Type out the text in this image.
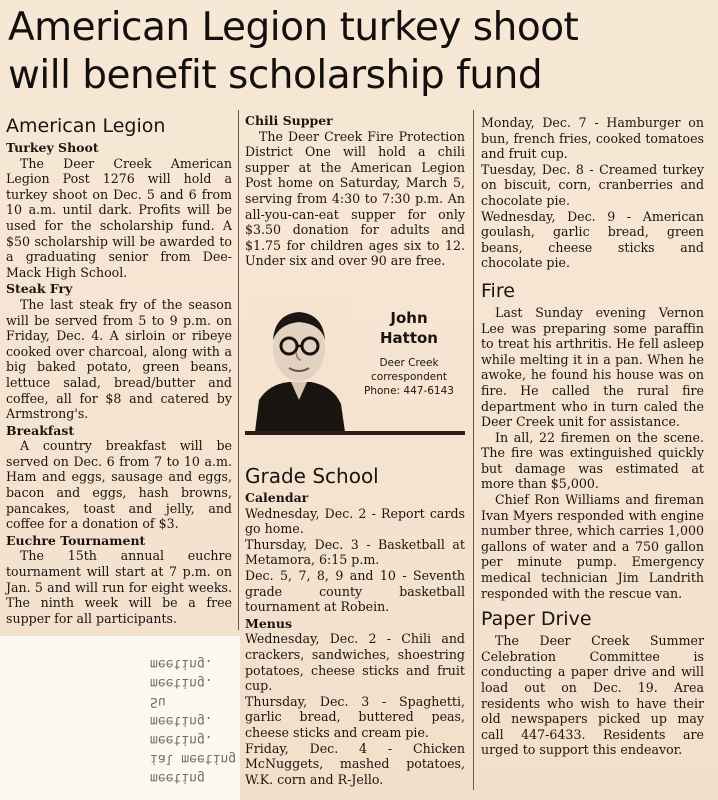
meeting
ial meeting
meeting.
meeting.
Su
meeting.
meeting.
American Legion turkey shoot
will benefit scholarship fund
American Legion
Turkey Shoot

The Deer Creek American Legion Post 1276 will hold a turkey shoot on Dec. 5 and 6 from 10 a.m. until dark. Profits will be used for the scholarship fund. A $50 scholarship will be awarded to a graduating senior from Dee-Mack High School.

Steak Fry

The last steak fry of the season will be served from 5 to 9 p.m. on Friday, Dec. 4. A sirloin or ribeye cooked over charcoal, along with a big baked potato, green beans, lettuce salad, bread/butter and coffee, all for $8 and catered by Armstrong's.

Breakfast

A country breakfast will be served on Dec. 6 from 7 to 10 a.m. Ham and eggs, sausage and eggs, bacon and eggs, hash browns, pancakes, toast and jelly, and coffee for a donation of $3.

Euchre Tournament

The 15th annual euchre tournament will start at 7 p.m. on Jan. 5 and will run for eight weeks. The ninth week will be a free supper for all participants.

Chili Supper

The Deer Creek Fire Protection District One will hold a chili supper at the American Legion Post home on Saturday, March 5, serving from 4:30 to 7:30 p.m. An all-you-can-eat supper for only $3.50 donation for adults and $1.75 for children ages six to 12. Under six and over 90 are free.

John
Hatton
Deer Creek
correspondent
Phone: 447-6143
Grade School
Calendar
Wednesday, Dec. 2 - Report cards go home.
Thursday, Dec. 3 - Basketball at Metamora, 6:15 p.m.
Dec. 5, 7, 8, 9 and 10 - Seventh grade county basketball tournament at Robein.
Menus
Wednesday, Dec. 2 - Chili and crackers, sandwiches, shoestring potatoes, cheese sticks and fruit cup.
Thursday, Dec. 3 - Spaghetti, garlic bread, buttered peas, cheese sticks and cream pie.
Friday, Dec. 4 - Chicken McNuggets, mashed potatoes, W.K. corn and R-Jello.
Monday, Dec. 7 - Hamburger on bun, french fries, cooked tomatoes and fruit cup.
Tuesday, Dec. 8 - Creamed turkey on biscuit, corn, cranberries and chocolate pie.
Wednesday, Dec. 9 - American goulash, garlic bread, green beans, cheese sticks and chocolate pie.
Fire

Last Sunday evening Vernon Lee was preparing some paraffin to treat his arthritis. He fell asleep while melting it in a pan. When he awoke, he found his house was on fire. He called the rural fire department who in turn caled the Deer Creek unit for assistance.

In all, 22 firemen on the scene. The fire was extinguished quickly but damage was estimated at more than $5,000.

Chief Ron Williams and fireman Ivan Myers responded with engine number three, which carries 1,000 gallons of water and a 750 gallon per minute pump. Emergency medical technician Jim Landrith responded with the rescue van.

Paper Drive

The Deer Creek Summer Celebration Committee is conducting a paper drive and will load out on Dec. 19. Area residents who wish to have their old newspapers picked up may call 447-6433. Residents are urged to support this endeavor.
